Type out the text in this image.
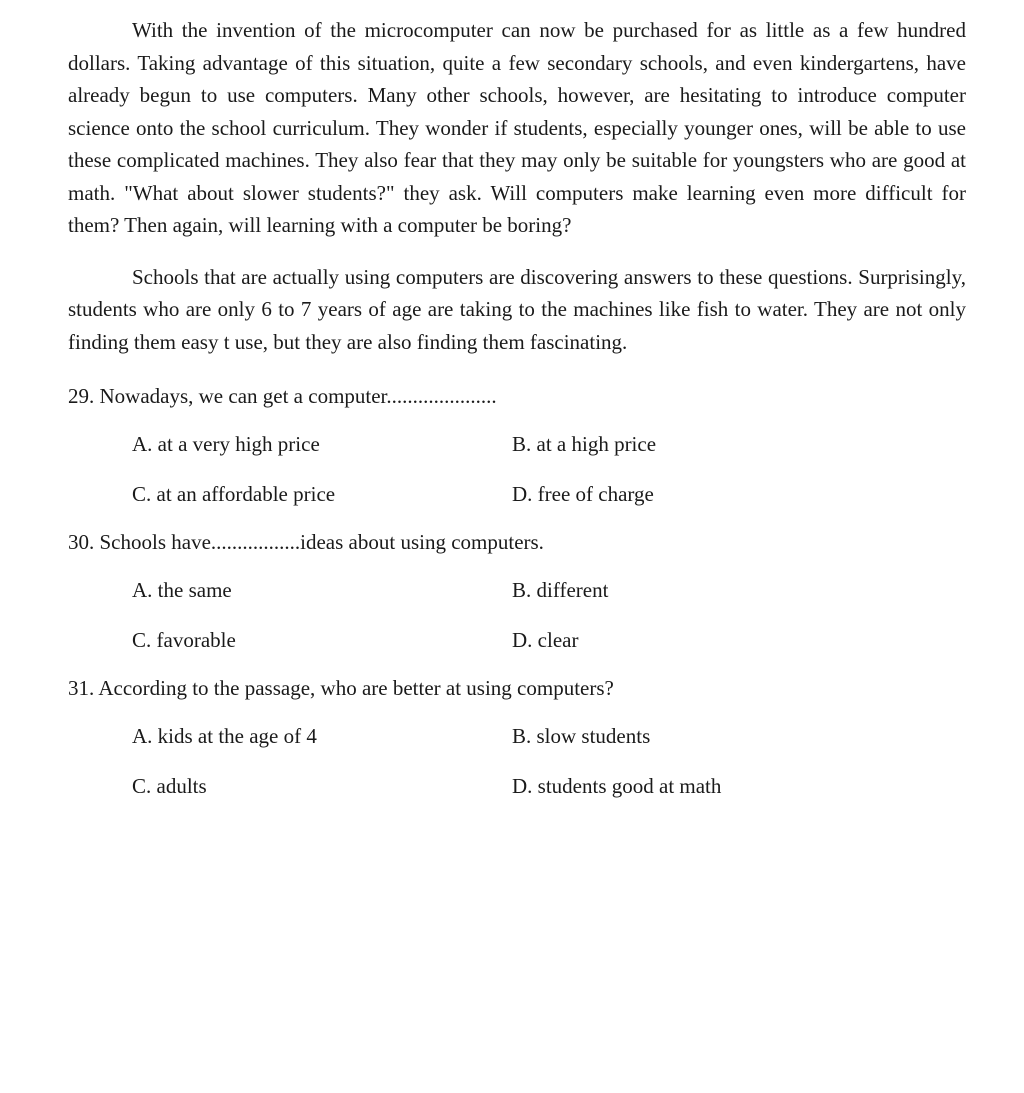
With the invention of the microcomputer can now be purchased for as little as a few hundred dollars. Taking advantage of this situation, quite a few secondary schools, and even kindergartens, have already begun to use computers. Many other schools, however, are hesitating to introduce computer science onto the school curriculum. They wonder if students, especially younger ones, will be able to use these complicated machines. They also fear that they may only be suitable for youngsters who are good at math. "What about slower students?" they ask. Will computers make learning even more difficult for them? Then again, will learning with a computer be boring?

Schools that are actually using computers are discovering answers to these questions. Surprisingly, students who are only 6 to 7 years of age are taking to the machines like fish to water. They are not only finding them easy t use, but they are also finding them fascinating.

29. Nowadays, we can get a computer.....................

A. at a very high price	B. at a high price
C. at an affordable price	D. free of charge

30. Schools have.................ideas about using computers.

A. the same	B. different
C. favorable	D. clear

31. According to the passage, who are better at using computers?

A. kids at the age of 4	B. slow students
C. adults	D. students good at math
